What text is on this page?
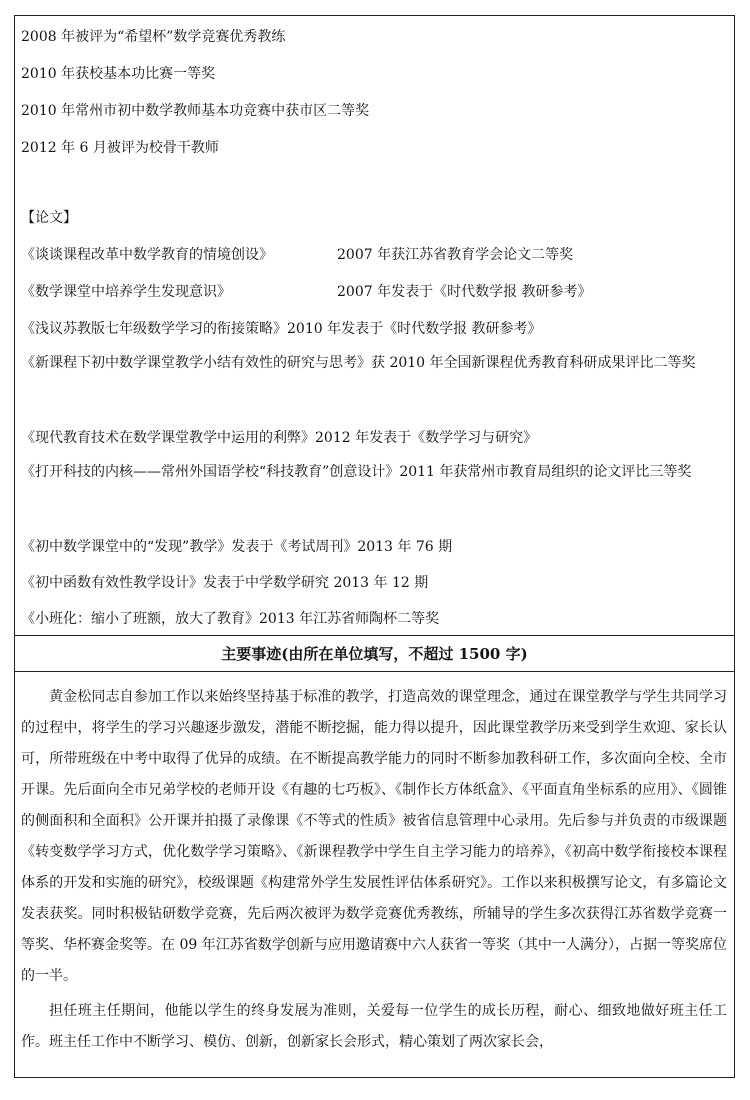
2008 年被评为“希望杯”数学竞赛优秀教练
2010 年获校基本功比赛一等奖
2010 年常州市初中数学教师基本功竞赛中获市区二等奖
2012 年 6 月被评为校骨干教师
【论文】
《谈谈课程改革中数学教育的情境创设》	2007 年获江苏省教育学会论文二等奖
《数学课堂中培养学生发现意识》	2007 年发表于《时代数学报 教研参考》
《浅议苏教版七年级数学学习的衔接策略》2010 年发表于《时代数学报 教研参考》
《新课程下初中数学课堂教学小结有效性的研究与思考》获 2010 年全国新课程优秀教育科研成果评比二等奖
《现代教育技术在数学课堂教学中运用的利弊》2012 年发表于《数学学习与研究》
《打开科技的内核——常州外国语学校“科技教育”创意设计》2011 年获常州市教育局组织的论文评比三等奖
《初中数学课堂中的“发现”教学》发表于《考试周刊》2013 年 76 期
《初中函数有效性教学设计》发表于中学数学研究 2013 年 12 期
《小班化：缩小了班额，放大了教育》2013 年江苏省师陶杯二等奖
主要事迹(由所在单位填写，不超过 1500 字)

黄金松同志自参加工作以来始终坚持基于标准的教学，打造高效的课堂理念，通过在课堂教学与学生共同学习的过程中，将学生的学习兴趣逐步激发，潜能不断挖掘，能力得以提升，因此课堂教学历来受到学生欢迎、家长认可，所带班级在中考中取得了优异的成绩。在不断提高教学能力的同时不断参加教科研工作，多次面向全校、全市开课。先后面向全市兄弟学校的老师开设《有趣的七巧板》、《制作长方体纸盒》、《平面直角坐标系的应用》、《圆锥的侧面积和全面积》公开课并拍摄了录像课《不等式的性质》被省信息管理中心录用。先后参与并负责的市级课题《转变数学学习方式，优化数学学习策略》、《新课程教学中学生自主学习能力的培养》，《初高中数学衔接校本课程体系的开发和实施的研究》，校级课题《构建常外学生发展性评估体系研究》。工作以来积极撰写论文，有多篇论文发表获奖。同时积极钻研数学竞赛，先后两次被评为数学竞赛优秀教练，所辅导的学生多次获得江苏省数学竞赛一等奖、华杯赛金奖等。在 09 年江苏省数学创新与应用邀请赛中六人获省一等奖（其中一人满分），占据一等奖席位的一半。

担任班主任期间，他能以学生的终身发展为准则，关爱每一位学生的成长历程，耐心、细致地做好班主任工作。班主任工作中不断学习、模仿、创新，创新家长会形式，精心策划了两次家长会，
